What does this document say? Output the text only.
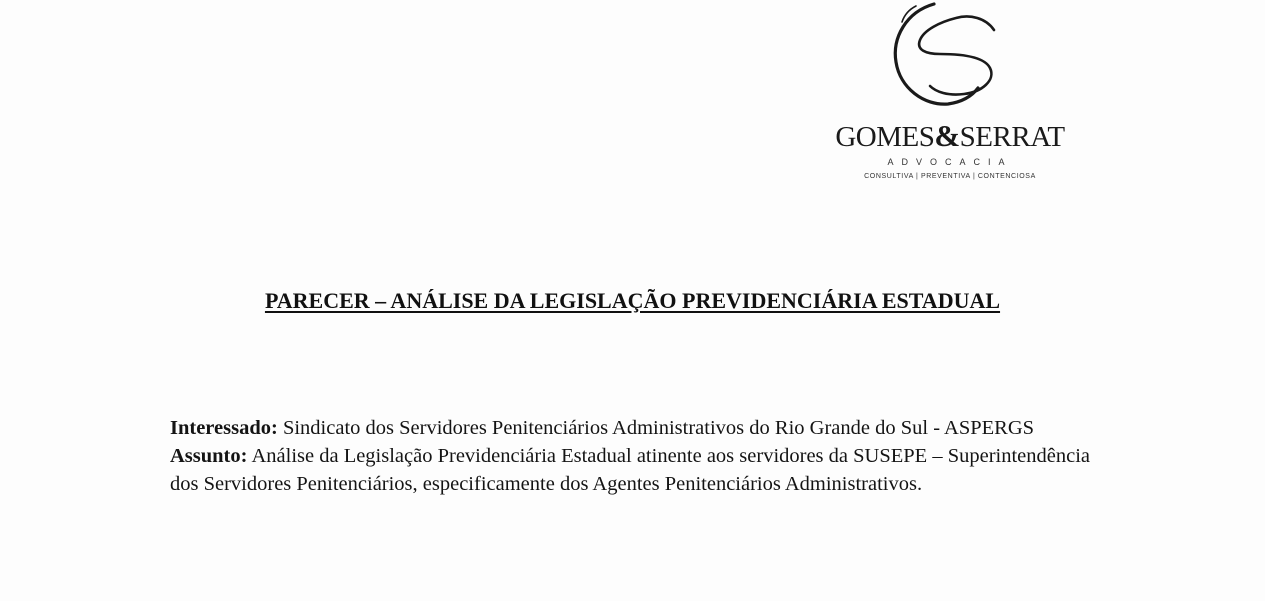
GOMES&SERRAT
ADVOCACIA
CONSULTIVA | PREVENTIVA | CONTENCIOSA
PARECER – ANÁLISE DA LEGISLAÇÃO PREVIDENCIÁRIA ESTADUAL

Interessado: Sindicato dos Servidores Penitenciários Administrativos do Rio Grande do Sul - ASPERGS

Assunto: Análise da Legislação Previdenciária Estadual atinente aos servidores da SUSEPE – Superintendência dos Servidores Penitenciários, especificamente dos Agentes Penitenciários Administrativos.
